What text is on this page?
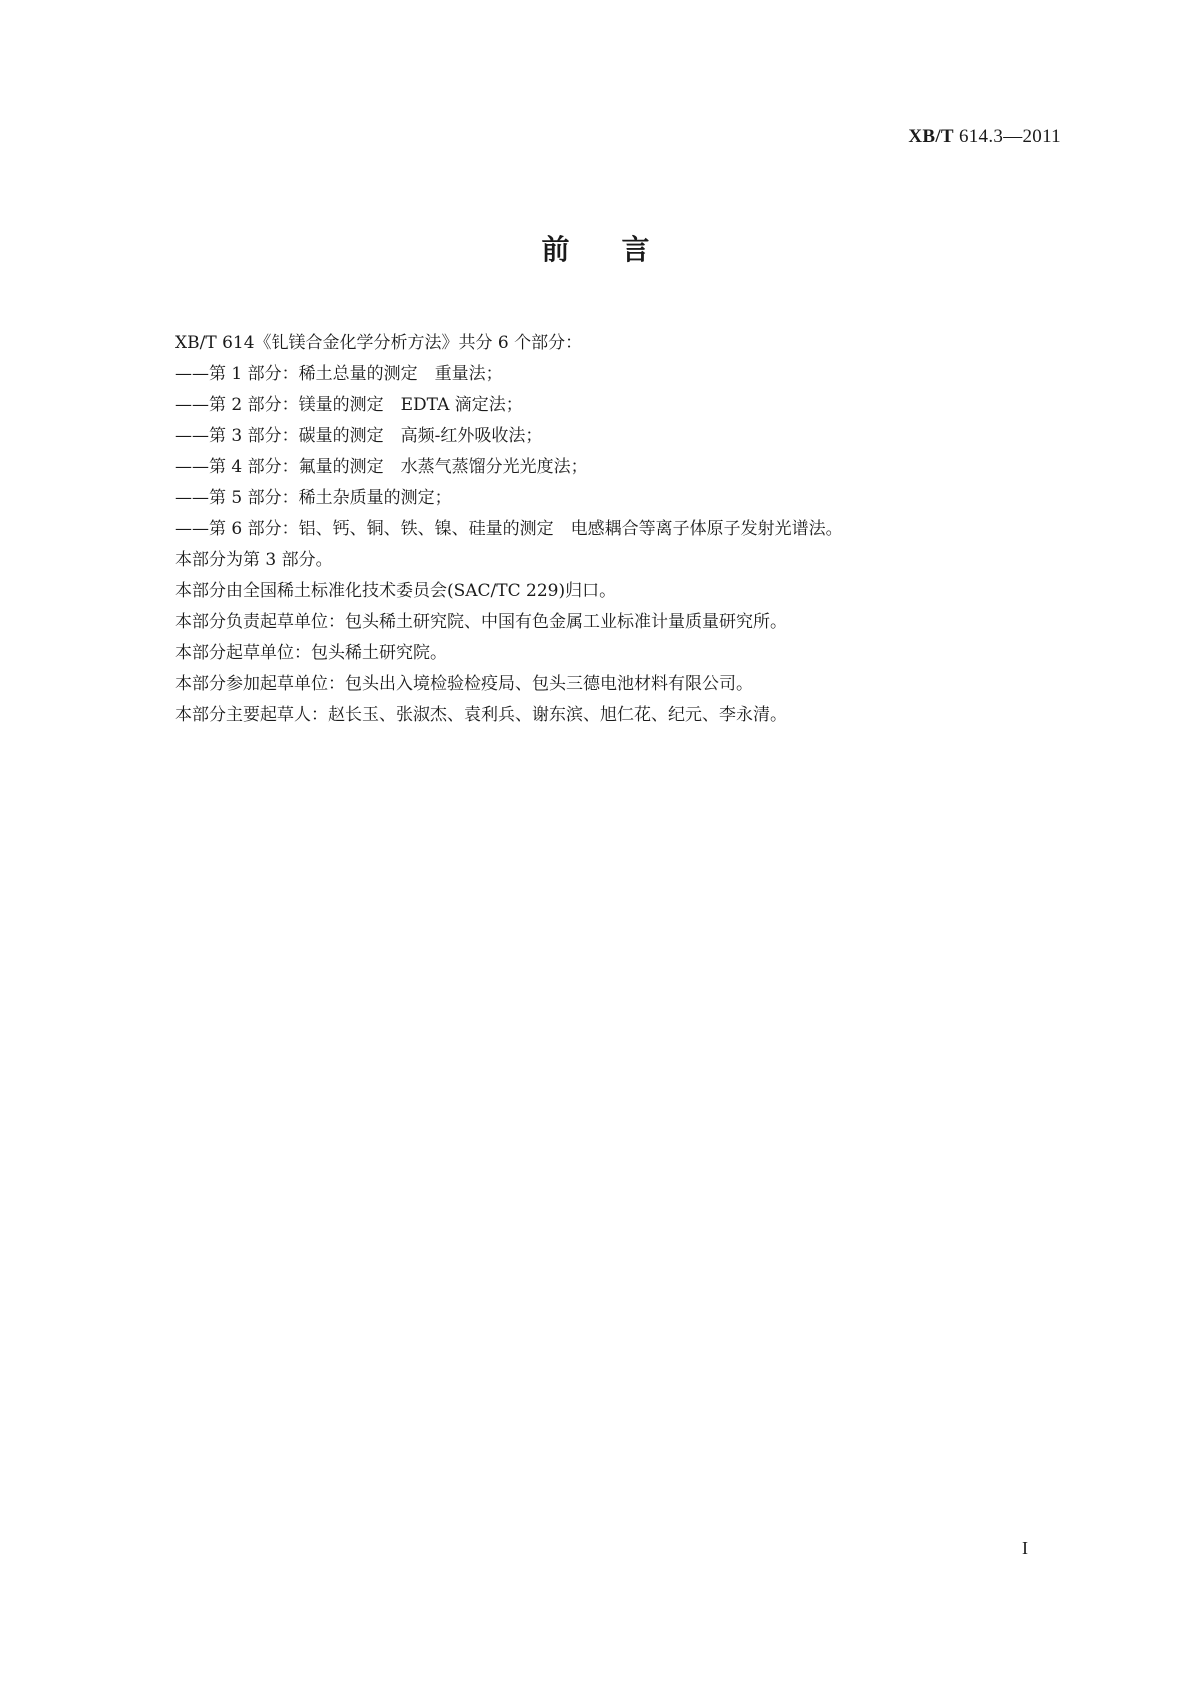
XB/T 614.3—2011
前言
XB/T 614《钆镁合金化学分析方法》共分 6 个部分：
——第 1 部分：稀土总量的测定　重量法；
——第 2 部分：镁量的测定　EDTA 滴定法；
——第 3 部分：碳量的测定　高频-红外吸收法；
——第 4 部分：氟量的测定　水蒸气蒸馏分光光度法；
——第 5 部分：稀土杂质量的测定；
——第 6 部分：铝、钙、铜、铁、镍、硅量的测定　电感耦合等离子体原子发射光谱法。
本部分为第 3 部分。
本部分由全国稀土标准化技术委员会(SAC/TC 229)归口。
本部分负责起草单位：包头稀土研究院、中国有色金属工业标准计量质量研究所。
本部分起草单位：包头稀土研究院。
本部分参加起草单位：包头出入境检验检疫局、包头三德电池材料有限公司。
本部分主要起草人：赵长玉、张淑杰、袁利兵、谢东滨、旭仁花、纪元、李永清。
I
